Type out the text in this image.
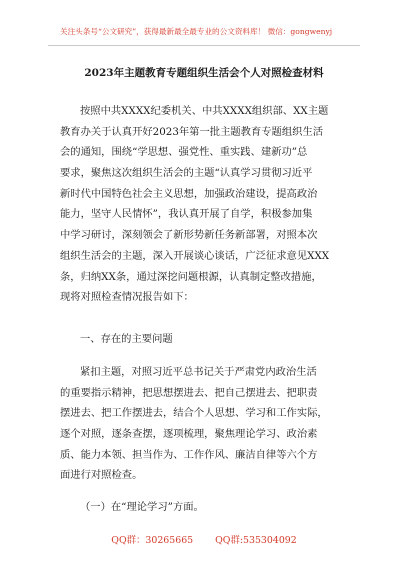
关注头条号“公文研究”，获得最新最全最专业的公文资料库！ 微信：gongwenyj
2023年主题教育专题组织生活会个人对照检查材料
按照中共XXXX纪委机关、中共XXXX组织部、XX主题
教育办关于认真开好2023年第一批主题教育专题组织生活
会的通知，围绕“学思想、强党性、重实践、建新功”总
要求，聚焦这次组织生活会的主题“认真学习贯彻习近平
新时代中国特色社会主义思想，加强政治建设，提高政治
能力，坚守人民情怀”，我认真开展了自学，积极参加集
中学习研讨，深刻领会了新形势新任务新部署，对照本次
组织生活会的主题，深入开展谈心谈话，广泛征求意见XXX
条，归纳XX条，通过深挖问题根源，认真制定整改措施，
现将对照检查情况报告如下：
一、存在的主要问题
紧扣主题，对照习近平总书记关于严肃党内政治生活
的重要指示精神，把思想摆进去、把自己摆进去、把职责
摆进去、把工作摆进去，结合个人思想、学习和工作实际，
逐个对照，逐条查摆，逐项梳理，聚焦理论学习、政治素
质、能力本领、担当作为、工作作风、廉洁自律等六个方
面进行对照检查。
（一）在“理论学习”方面。
QQ群：30265665 QQ群:535304092
